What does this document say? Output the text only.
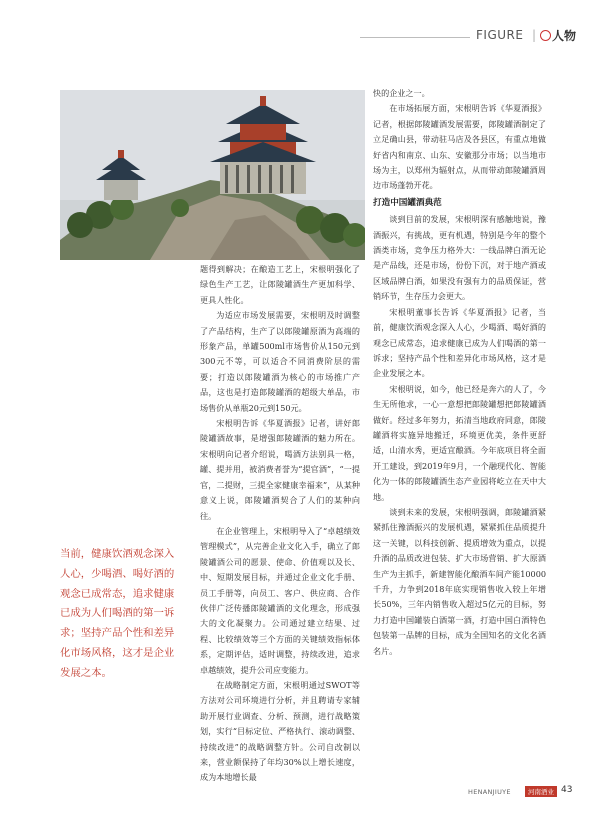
FIGURE | 人物

题得到解决；在酿造工艺上，宋根明强化了绿色生产工艺，让郎陵罐酒生产更加科学、更具人性化。

为适应市场发展需要，宋根明及时调整了产品结构，生产了以郎陵罐原酒为高端的形象产品，单罐500ml市场售价从150元到300元不等，可以适合不同消费阶层的需要；打造以郎陵罐酒为核心的市场推广产品，这也是打造郎陵罐酒的超级大单品，市场售价从单瓶20元到150元。

宋根明告诉《华夏酒报》记者，讲好郎陵罐酒故事，是增强郎陵罐酒的魅力所在。宋根明向记者介绍说，喝酒方法别具一格，罐、提并用，被消费者誉为“提官酒”，“一提官，二提财，三提全家健康幸福来”，从某种意义上说，郎陵罐酒契合了人们的某种向往。

在企业管理上，宋根明导入了“卓越绩效管理模式”，从完善企业文化入手，确立了郎陵罐酒公司的愿景、使命、价值观以及长、中、短期发展目标，并通过企业文化手册、员工手册等，向员工、客户、供应商、合作伙伴广泛传播郎陵罐酒的文化理念，形成强大的文化凝聚力。公司通过建立结果、过程、比较绩效等三个方面的关键绩效指标体系，定期评估，适时调整，持续改进，追求卓越绩效，提升公司应变能力。

在战略制定方面，宋根明通过SWOT等方法对公司环境进行分析，并且聘请专家辅助开展行业调查、分析、预测，进行战略策划，实行“目标定位、严格执行、滚动调整、持续改进”的战略调整方针。公司自改制以来，营业额保持了年均30%以上增长速度，成为本地增长最

快的企业之一。

在市场拓展方面，宋根明告诉《华夏酒报》记者，根据郎陵罐酒发展需要，郎陵罐酒制定了立足确山县，带动驻马店及各县区，有重点地做好省内和南京、山东、安徽那分市场；以当地市场为主，以郑州为辐射点，从而带动郎陵罐酒周边市场蓬勃开花。

打造中国罐酒典范

谈到目前的发展，宋根明深有感触地说，豫酒振兴，有挑战，更有机遇，特别是今年的整个酒类市场，竞争压力格外大：一线品牌白酒无论是产品线，还是市场，份份下沉，对于地产酒或区域品牌白酒，如果没有强有力的品质保证，营销环节，生存压力会更大。

宋根明董事长告诉《华夏酒报》记者，当前，健康饮酒观念深入人心，少喝酒、喝好酒的观念已成常态，追求健康已成为人们喝酒的第一诉求；坚持产品个性和差异化市场风格，这才是企业发展之本。

宋根明说，如今，他已经是奔六的人了，今生无所他求，一心一意想把郎陵罐想把郎陵罐酒做好。经过多年努力，拓清当地政府同意，郎陵罐酒将实施异地搬迁，环境更优美，条件更舒适，山清水秀，更适宜酿酒。今年底项目将全面开工建设，到2019年9月，一个融现代化、智能化为一体的郎陵罐酒生态产业园将屹立在天中大地。

谈到未来的发展，宋根明强调，郎陵罐酒紧紧抓住豫酒振兴的发展机遇，紧紧抓住品质提升这一关键，以科技创新、提质增效为重点，以提升酒的品质改进包装、扩大市场营销、扩大原酒生产为主抓手，新建智能化酿酒车间产能10000千升，力争到2018年底实现销售收入较上年增长50%，三年内销售收入超过5亿元的目标，努力打造中国罐装白酒第一酒，打造中国白酒特色包装第一品牌的目标，成为全国知名的文化名酒名片。

当前，健康饮酒观念深入人心，少喝酒、喝好酒的观念已成常态，追求健康已成为人们喝酒的第一诉求；坚持产品个性和差异化市场风格，这才是企业发展之本。
HENANJIUYE	河南酒业 43
